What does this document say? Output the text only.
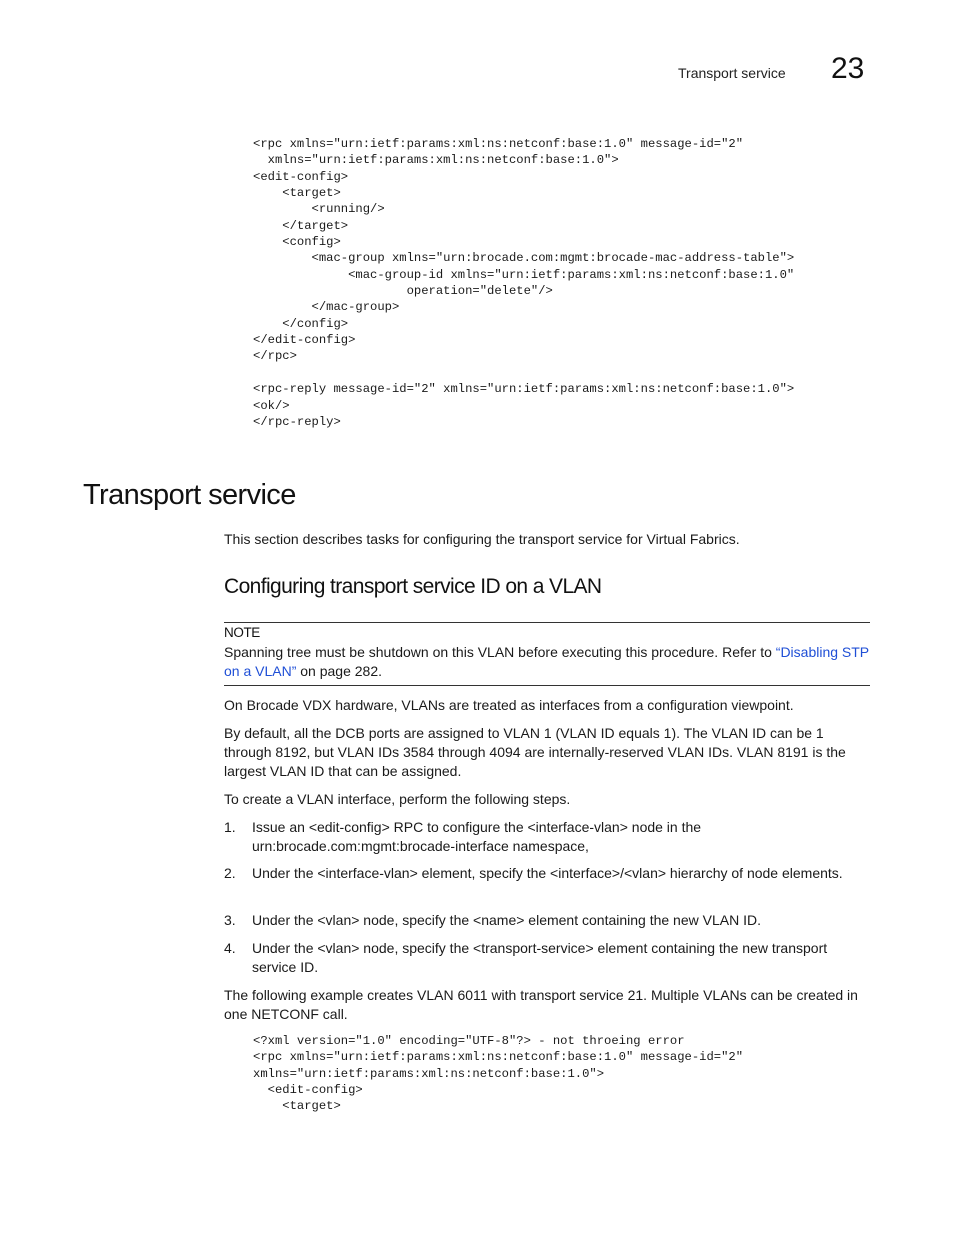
Transport service 23
<rpc xmlns="urn:ietf:params:xml:ns:netconf:base:1.0" message-id="2"
xmlns="urn:ietf:params:xml:ns:netconf:base:1.0">
<edit-config>
<target>
<running/>
</target>
<config>
<mac-group xmlns="urn:brocade.com:mgmt:brocade-mac-address-table">
<mac-group-id xmlns="urn:ietf:params:xml:ns:netconf:base:1.0"
operation="delete"/>
</mac-group>
</config>
</edit-config>
</rpc>

<rpc-reply message-id="2" xmlns="urn:ietf:params:xml:ns:netconf:base:1.0">
<ok/>
</rpc-reply>
Transport service
This section describes tasks for configuring the transport service for Virtual Fabrics.
Configuring transport service ID on a VLAN
NOTE
Spanning tree must be shutdown on this VLAN before executing this procedure. Refer to “Disabling STP on a VLAN” on page 282.
On Brocade VDX hardware, VLANs are treated as interfaces from a configuration viewpoint.
By default, all the DCB ports are assigned to VLAN 1 (VLAN ID equals 1). The VLAN ID can be 1 through 8192, but VLAN IDs 3584 through 4094 are internally-reserved VLAN IDs. VLAN 8191 is the largest VLAN ID that can be assigned.
To create a VLAN interface, perform the following steps.
1. Issue an <edit-config> RPC to configure the <interface-vlan> node in the urn:brocade.com:mgmt:brocade-interface namespace,
2. Under the <interface-vlan> element, specify the <interface>/<vlan> hierarchy of node elements.
3. Under the <vlan> node, specify the <name> element containing the new VLAN ID.
4. Under the <vlan> node, specify the <transport-service> element containing the new transport service ID.
The following example creates VLAN 6011 with transport service 21. Multiple VLANs can be created in one NETCONF call.
<?xml version="1.0" encoding="UTF-8"?> - not throeing error
<rpc xmlns="urn:ietf:params:xml:ns:netconf:base:1.0" message-id="2"
xmlns="urn:ietf:params:xml:ns:netconf:base:1.0">
<edit-config>
<target>
